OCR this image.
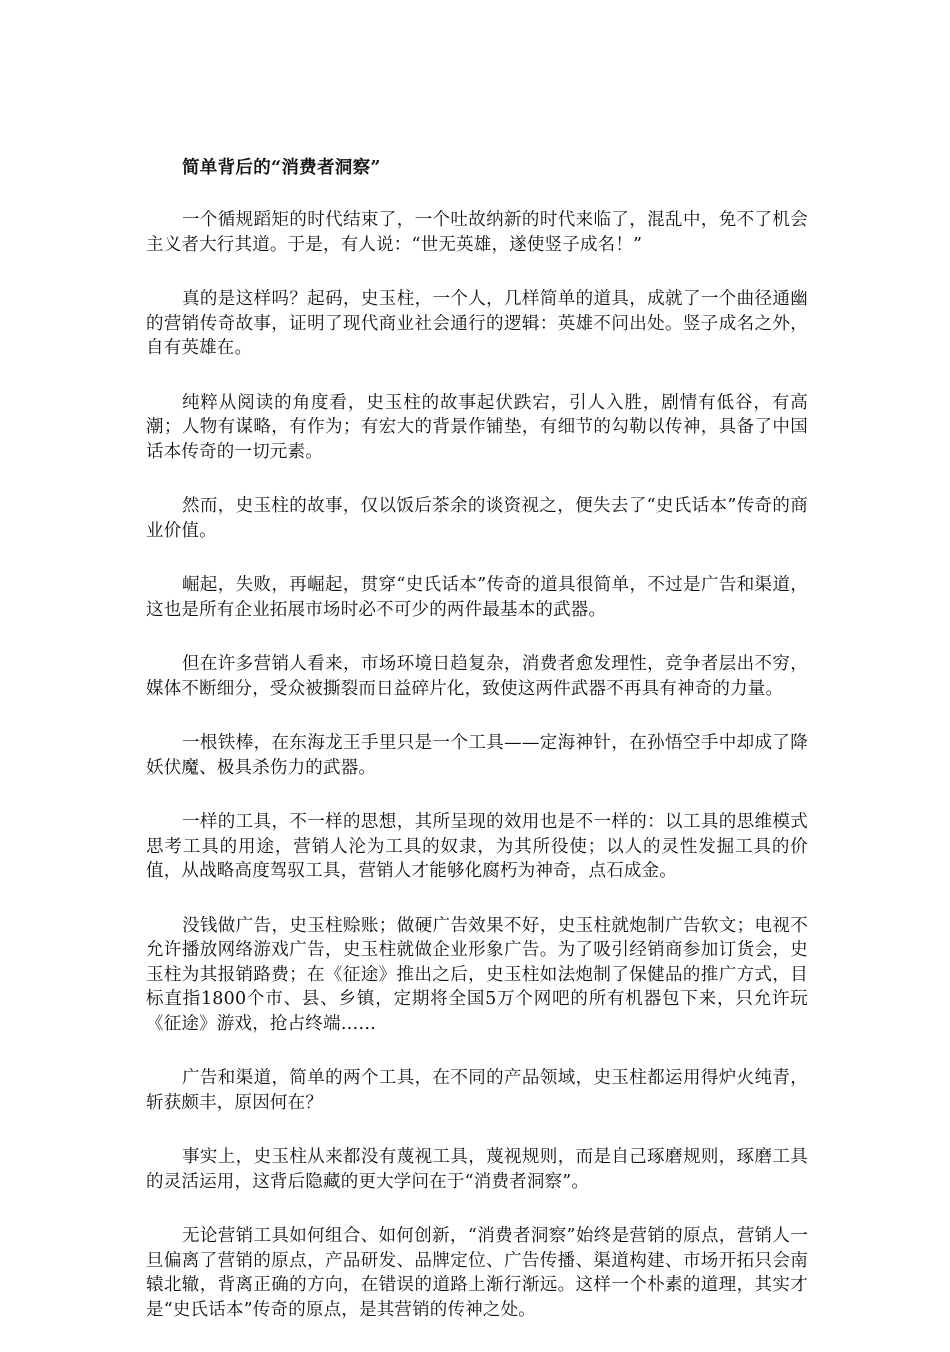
简单背后的“消费者洞察”

一个循规蹈矩的时代结束了，一个吐故纳新的时代来临了，混乱中，免不了机会主义者大行其道。于是，有人说：“世无英雄，遂使竖子成名！”

真的是这样吗？起码，史玉柱，一个人，几样简单的道具，成就了一个曲径通幽的营销传奇故事，证明了现代商业社会通行的逻辑：英雄不问出处。竖子成名之外，自有英雄在。

纯粹从阅读的角度看，史玉柱的故事起伏跌宕，引人入胜，剧情有低谷，有高潮；人物有谋略，有作为；有宏大的背景作铺垫，有细节的勾勒以传神，具备了中国话本传奇的一切元素。

然而，史玉柱的故事，仅以饭后茶余的谈资视之，便失去了“史氏话本”传奇的商业价值。

崛起，失败，再崛起，贯穿“史氏话本”传奇的道具很简单，不过是广告和渠道，这也是所有企业拓展市场时必不可少的两件最基本的武器。

但在许多营销人看来，市场环境日趋复杂，消费者愈发理性，竞争者层出不穷，媒体不断细分，受众被撕裂而日益碎片化，致使这两件武器不再具有神奇的力量。

一根铁棒，在东海龙王手里只是一个工具——定海神针，在孙悟空手中却成了降妖伏魔、极具杀伤力的武器。

一样的工具，不一样的思想，其所呈现的效用也是不一样的：以工具的思维模式思考工具的用途，营销人沦为工具的奴隶，为其所役使；以人的灵性发掘工具的价值，从战略高度驾驭工具，营销人才能够化腐朽为神奇，点石成金。

没钱做广告，史玉柱赊账；做硬广告效果不好，史玉柱就炮制广告软文；电视不允许播放网络游戏广告，史玉柱就做企业形象广告。为了吸引经销商参加订货会，史玉柱为其报销路费；在《征途》推出之后，史玉柱如法炮制了保健品的推广方式，目标直指1800个市、县、乡镇，定期将全国5万个网吧的所有机器包下来，只允许玩《征途》游戏，抢占终端……

广告和渠道，简单的两个工具，在不同的产品领域，史玉柱都运用得炉火纯青，斩获颇丰，原因何在？

事实上，史玉柱从来都没有蔑视工具，蔑视规则，而是自己琢磨规则，琢磨工具的灵活运用，这背后隐藏的更大学问在于“消费者洞察”。

无论营销工具如何组合、如何创新，“消费者洞察”始终是营销的原点，营销人一旦偏离了营销的原点，产品研发、品牌定位、广告传播、渠道构建、市场开拓只会南辕北辙，背离正确的方向，在错误的道路上渐行渐远。这样一个朴素的道理，其实才是“史氏话本”传奇的原点，是其营销的传神之处。
